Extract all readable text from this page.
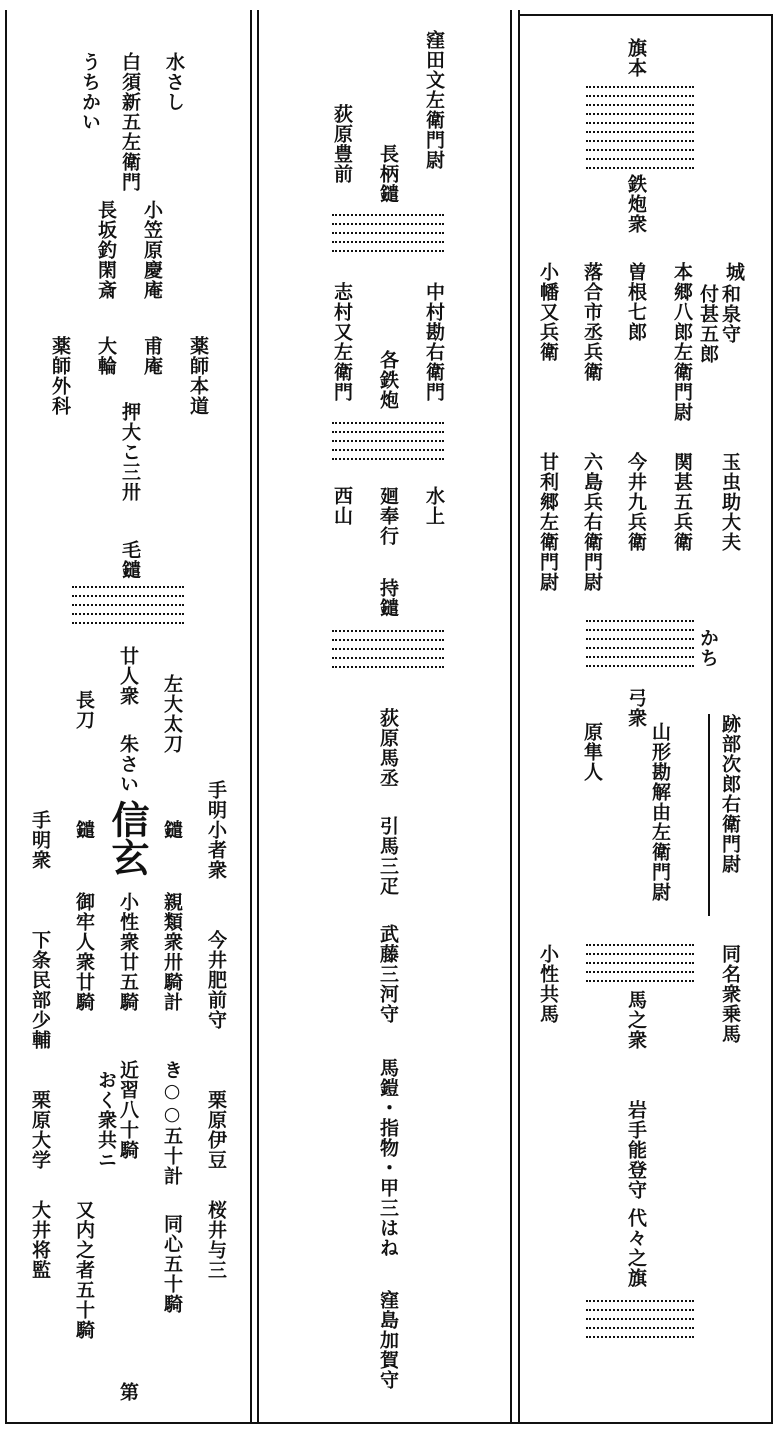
水さし
白須新五左衛門
うちかい
小笠原慶庵
長坂釣閑斎
薬師本道
甫庵
大輪
薬師外科
押大こ三卅
毛鑓
左大太刀
廿人衆
長刀
朱さい
鑓
鑓 信玄	手明小者衆
手明衆
親類衆卅騎計
小性衆廿五騎
御牢人衆廿騎	今井肥前守
下条民部少輔
近習八十騎
おく衆共ニ き○○五十計 栗原伊豆
栗原大学
桜井与三
同心五十騎
又内之者五十騎
大井将監
第
窪田文左衛門尉
長柄鑓
荻原豊前
中村勘右衛門
各鉄炮
志村又左衛門
水上
廻奉行
西山
持鑓
荻原馬丞
引馬三疋
武藤三河守
馬鎧・指物・甲三はね
窪島加賀守
旗本
鉄炮衆
城
和泉守
付甚五郎
本郷八郎左衛門尉
曽根七郎
落合市丞兵衛
小幡又兵衛
玉虫助大夫
関甚五兵衛
今井九兵衛
六島兵右衛門尉
甘利郷左衛門尉
かち
弓衆
跡部次郎右衛門尉
山形勘解由左衛門尉
原隼人
同名衆乗馬
小性共馬	馬之衆
岩手能登守
代々之旗
